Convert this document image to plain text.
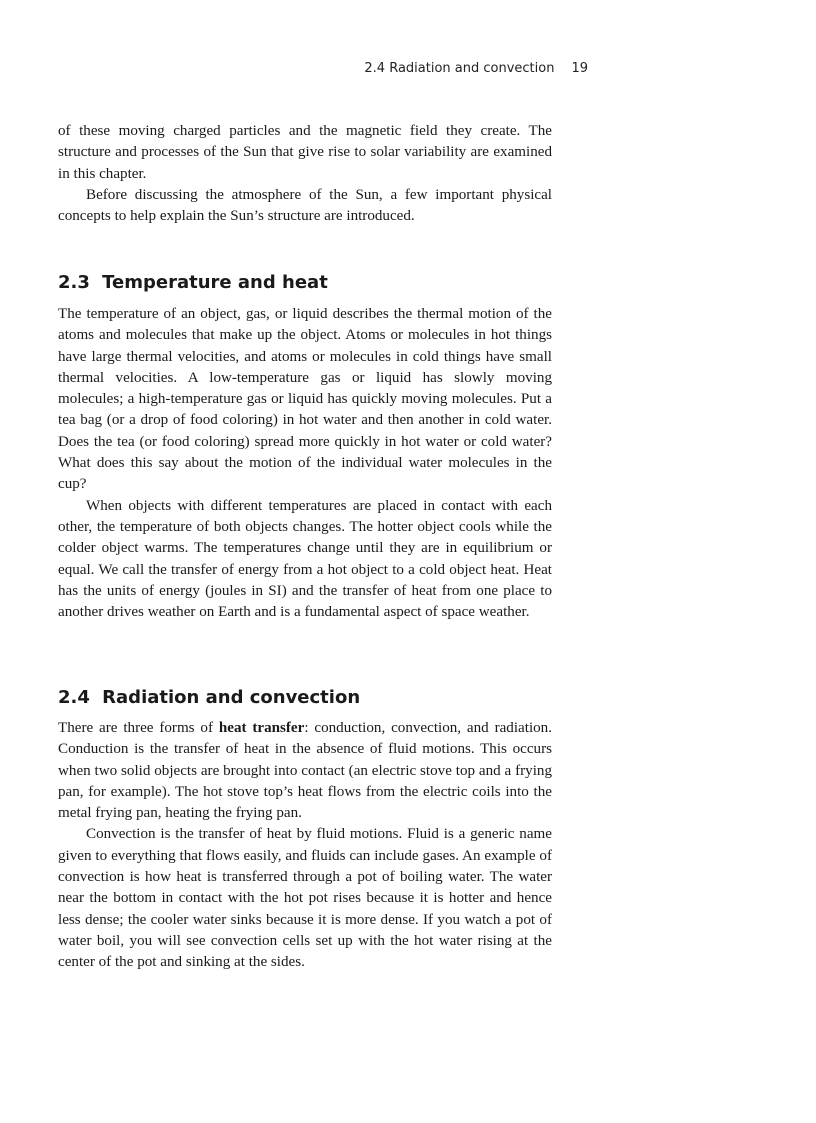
2.4 Radiation and convection 19

of these moving charged particles and the magnetic field they create. The structure and processes of the Sun that give rise to solar variability are examined in this chapter.

Before discussing the atmosphere of the Sun, a few important physical concepts to help explain the Sun’s structure are introduced.

2.3 Temperature and heat

The temperature of an object, gas, or liquid describes the thermal motion of the atoms and molecules that make up the object. Atoms or molecules in hot things have large thermal velocities, and atoms or molecules in cold things have small thermal velocities. A low-temperature gas or liquid has slowly moving molecules; a high-temperature gas or liquid has quickly moving molecules. Put a tea bag (or a drop of food coloring) in hot water and then another in cold water. Does the tea (or food coloring) spread more quickly in hot water or cold water? What does this say about the motion of the individual water molecules in the cup?

When objects with different temperatures are placed in contact with each other, the temperature of both objects changes. The hotter object cools while the colder object warms. The temperatures change until they are in equilibrium or equal. We call the transfer of energy from a hot object to a cold object heat. Heat has the units of energy (joules in SI) and the transfer of heat from one place to another drives weather on Earth and is a fundamental aspect of space weather.

2.4 Radiation and convection

There are three forms of heat transfer: conduction, convection, and radiation. Conduction is the transfer of heat in the absence of fluid motions. This occurs when two solid objects are brought into contact (an electric stove top and a frying pan, for example). The hot stove top’s heat flows from the electric coils into the metal frying pan, heating the frying pan.

Convection is the transfer of heat by fluid motions. Fluid is a generic name given to everything that flows easily, and fluids can include gases. An example of convection is how heat is transferred through a pot of boiling water. The water near the bottom in contact with the hot pot rises because it is hotter and hence less dense; the cooler water sinks because it is more dense. If you watch a pot of water boil, you will see convection cells set up with the hot water rising at the center of the pot and sinking at the sides.
